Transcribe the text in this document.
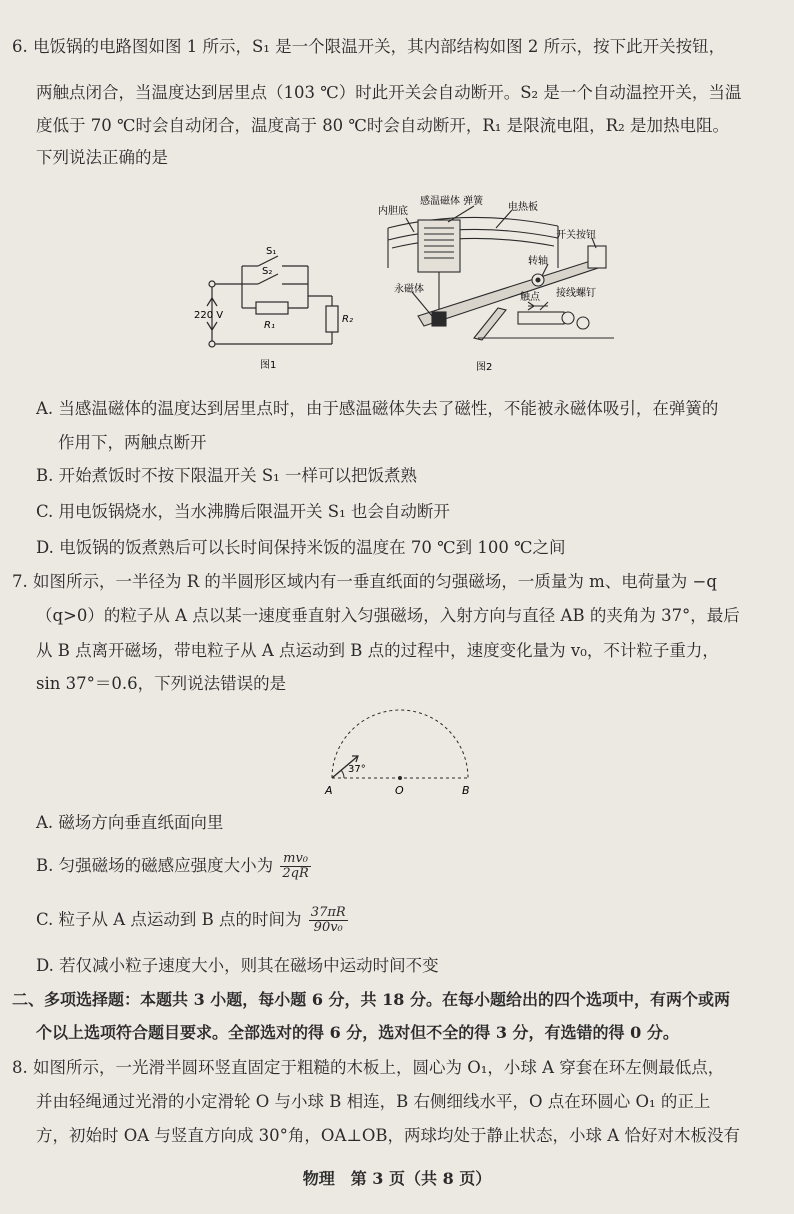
6. 电饭锅的电路图如图 1 所示，S₁ 是一个限温开关，其内部结构如图 2 所示，按下此开关按钮，
两触点闭合，当温度达到居里点（103 ℃）时此开关会自动断开。S₂ 是一个自动温控开关，当温
度低于 70 ℃时会自动闭合，温度高于 80 ℃时会自动断开，R₁ 是限流电阻，R₂ 是加热电阻。
下列说法正确的是
S₁
S₂
R₁
R₂
220 V
图1
内胆底
感温磁体 弹簧
电热板
开关按钮
转轴
永磁体
触点 接线螺钉
图2
A. 当感温磁体的温度达到居里点时，由于感温磁体失去了磁性，不能被永磁体吸引，在弹簧的
作用下，两触点断开
B. 开始煮饭时不按下限温开关 S₁ 一样可以把饭煮熟
C. 用电饭锅烧水，当水沸腾后限温开关 S₁ 也会自动断开
D. 电饭锅的饭煮熟后可以长时间保持米饭的温度在 70 ℃到 100 ℃之间
7. 如图所示，一半径为 R 的半圆形区域内有一垂直纸面的匀强磁场，一质量为 m、电荷量为 −q
（q>0）的粒子从 A 点以某一速度垂直射入匀强磁场，入射方向与直径 AB 的夹角为 37°，最后
从 B 点离开磁场，带电粒子从 A 点运动到 B 点的过程中，速度变化量为 v₀，不计粒子重力，
sin 37°＝0.6，下列说法错误的是
37°
A	O	B
A. 磁场方向垂直纸面向里
B. 匀强磁场的磁感应强度大小为 $\frac{\text{mv₀}}{2qR}$
C. 粒子从 A 点运动到 B 点的时间为 $\frac{37\pi R}{\text{90v₀}}$
D. 若仅减小粒子速度大小，则其在磁场中运动时间不变
二、多项选择题：本题共 3 小题，每小题 6 分，共 18 分。在每小题给出的四个选项中，有两个或两
个以上选项符合题目要求。全部选对的得 6 分，选对但不全的得 3 分，有选错的得 0 分。
8. 如图所示，一光滑半圆环竖直固定于粗糙的木板上，圆心为 O₁，小球 A 穿套在环左侧最低点，
并由轻绳通过光滑的小定滑轮 O 与小球 B 相连，B 右侧细线水平，O 点在环圆心 O₁ 的正上
方，初始时 OA 与竖直方向成 30°角，OA⊥OB，两球均处于静止状态，小球 A 恰好对木板没有
物理　第 3 页（共 8 页）
